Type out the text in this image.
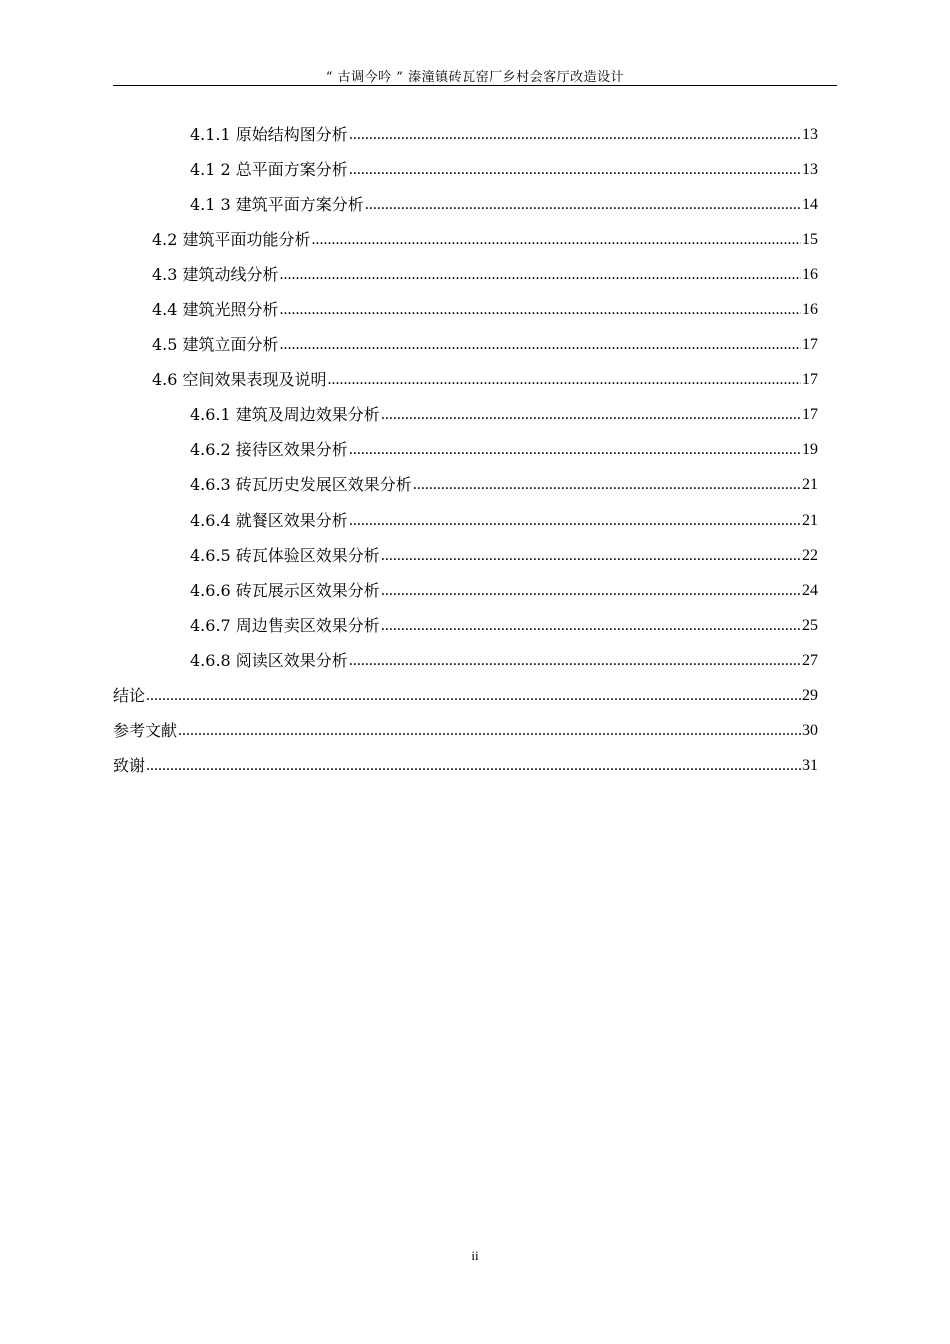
“ 古调今吟 ” 溱潼镇砖瓦窑厂乡村会客厅改造设计
4.1.1 原始结构图分析 .....	13
4.1 2 总平面方案分析 .....	13
4.1 3 建筑平面方案分析 .....	14
4.2 建筑平面功能分析 .....	15
4.3 建筑动线分析 .....	16
4.4 建筑光照分析 .....	16
4.5 建筑立面分析 .....	17
4.6 空间效果表现及说明 .....	17
4.6.1 建筑及周边效果分析 .....	17
4.6.2 接待区效果分析 .....	19
4.6.3 砖瓦历史发展区效果分析 .....	21
4.6.4 就餐区效果分析 .....	21
4.6.5 砖瓦体验区效果分析 .....	22
4.6.6 砖瓦展示区效果分析 .....	24
4.6.7 周边售卖区效果分析 .....	25
4.6.8 阅读区效果分析 .....	27
结论 .....	29
参考文献 .....	30
致谢 .....	31
ii
